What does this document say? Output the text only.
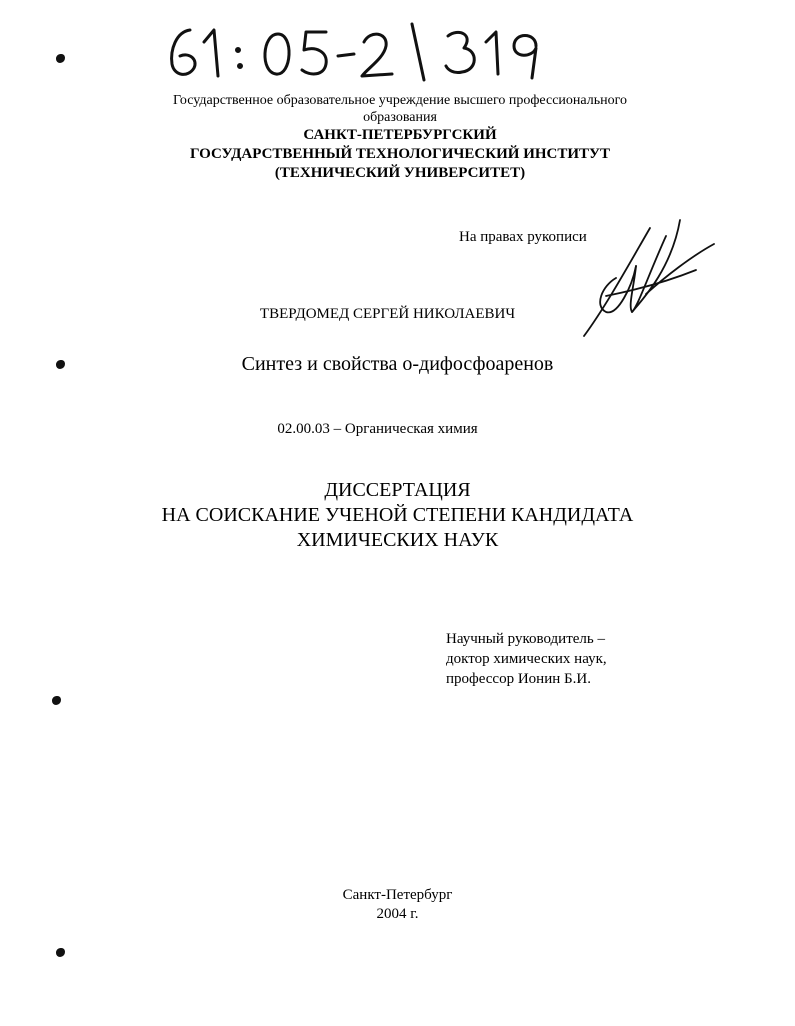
Государственное образовательное учреждение высшего профессионального
образования
САНКТ-ПЕТЕРБУРГСКИЙ
ГОСУДАРСТВЕННЫЙ ТЕХНОЛОГИЧЕСКИЙ ИНСТИТУТ
(ТЕХНИЧЕСКИЙ УНИВЕРСИТЕТ)
На правах рукописи
ТВЕРДОМЕД СЕРГЕЙ НИКОЛАЕВИЧ
Синтез и свойства о-дифосфоаренов
02.00.03 – Органическая химия
ДИССЕРТАЦИЯ
НА СОИСКАНИЕ УЧЕНОЙ СТЕПЕНИ КАНДИДАТА
ХИМИЧЕСКИХ НАУК
Научный руководитель –
доктор химических наук,
профессор Ионин Б.И.
Санкт-Петербург
2004 г.
